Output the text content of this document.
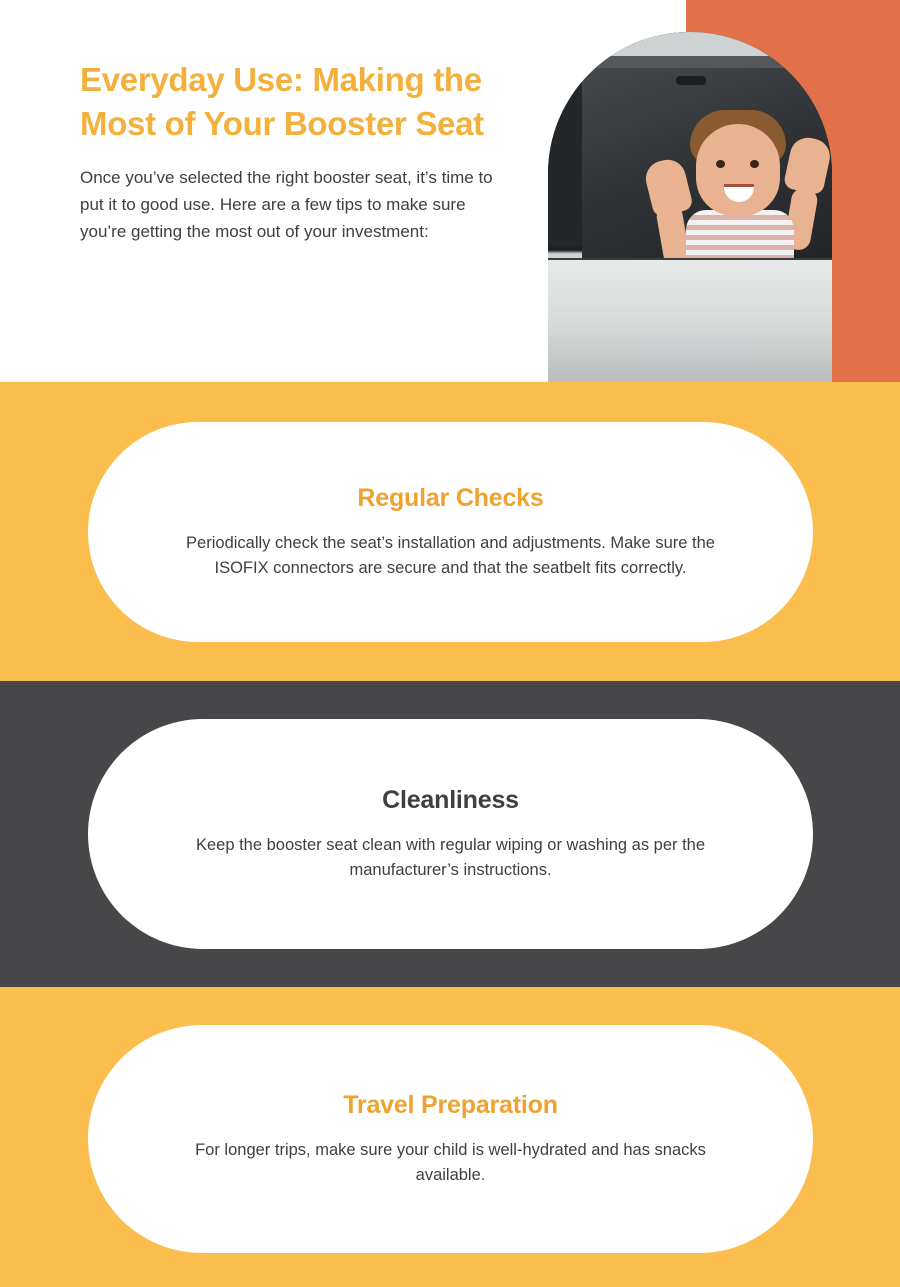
Everyday Use: Making the Most of Your Booster Seat
Once you’ve selected the right booster seat, it’s time to put it to good use. Here are a few tips to make sure you’re getting the most out of your investment:
Regular Checks
Periodically check the seat’s installation and adjustments. Make sure the ISOFIX connectors are secure and that the seatbelt fits correctly.
Cleanliness
Keep the booster seat clean with regular wiping or washing as per the manufacturer’s instructions.
Travel Preparation
For longer trips, make sure your child is well-hydrated and has snacks available.
